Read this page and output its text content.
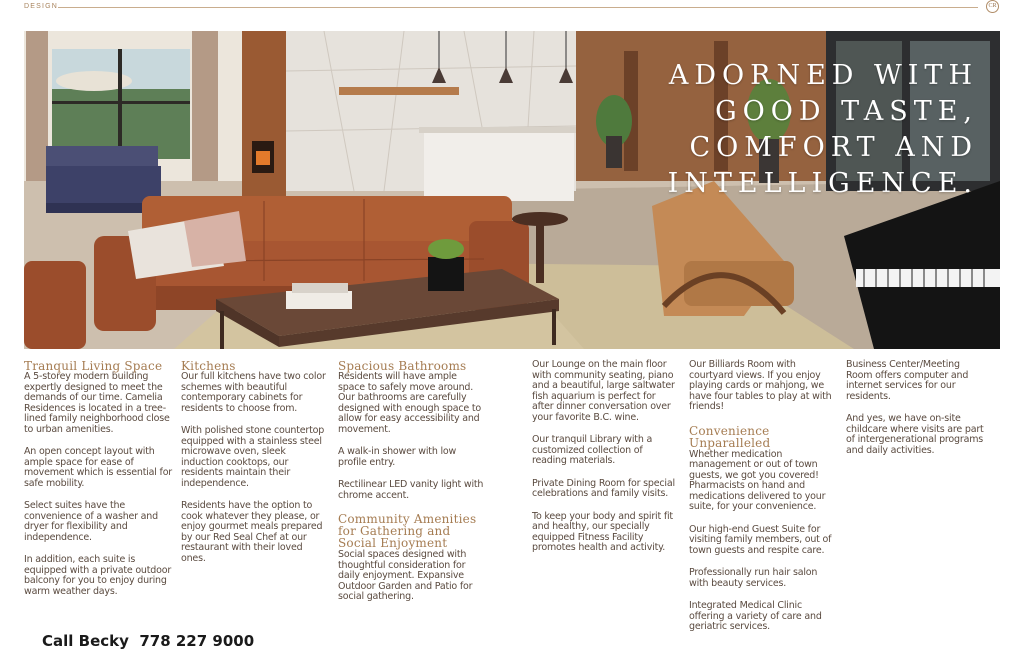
DESIGN	CR
ADORNED WITH
GOOD TASTE,
COMFORT AND
INTELLIGENCE.
Tranquil Living Space

A 5-storey modern building expertly designed to meet the demands of our time. Camelia Residences is located in a tree-lined family neighborhood close to urban amenities.

An open concept layout with ample space for ease of movement which is essential for safe mobility.

Select suites have the convenience of a washer and dryer for flexibility and independence.

In addition, each suite is equipped with a private outdoor balcony for you to enjoy during warm weather days.

Kitchens

Our full kitchens have two color schemes with beautiful contemporary cabinets for residents to choose from.

With polished stone countertop equipped with a stainless steel microwave oven, sleek induction cooktops, our residents maintain their independence.

Residents have the option to cook whatever they please, or enjoy gourmet meals prepared by our Red Seal Chef at our restaurant with their loved ones.

Spacious Bathrooms

Residents will have ample space to safely move around. Our bathrooms are carefully designed with enough space to allow for easy accessibility and movement.

A walk-in shower with low profile entry.

Rectilinear LED vanity light with chrome accent.

Community Amenities for Gathering and Social Enjoyment

Social spaces designed with thoughtful consideration for daily enjoyment. Expansive Outdoor Garden and Patio for social gathering.

Our Lounge on the main floor with community seating, piano and a beautiful, large saltwater fish aquarium is perfect for after dinner conversation over your favorite B.C. wine.

Our tranquil Library with a customized collection of reading materials.

Private Dining Room for special celebrations and family visits.

To keep your body and spirit fit and healthy, our specially equipped Fitness Facility promotes health and activity.

Our Billiards Room with courtyard views. If you enjoy playing cards or mahjong, we have four tables to play at with friends!

Convenience Unparalleled

Whether medication management or out of town guests, we got you covered! Pharmacists on hand and medications delivered to your suite, for your convenience.

Our high-end Guest Suite for visiting family members, out of town guests and respite care.

Professionally run hair salon with beauty services.

Integrated Medical Clinic offering a variety of care and geriatric services.

Business Center/Meeting Room offers computer and internet services for our residents.

And yes, we have on-site childcare where visits are part of intergenerational programs and daily activities.

Call Becky  778 227 9000
